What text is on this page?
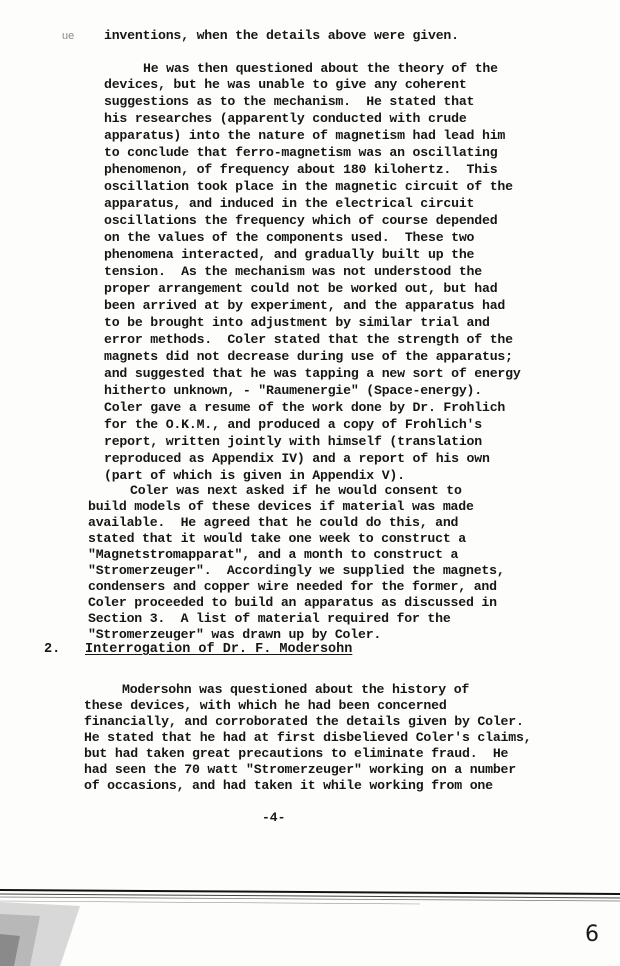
ue inventions, when the details above were given.
He was then questioned about the theory of the
devices, but he was unable to give any coherent
suggestions as to the mechanism.  He stated that
his researches (apparently conducted with crude
apparatus) into the nature of magnetism had lead him
to conclude that ferro-magnetism was an oscillating
phenomenon, of frequency about 180 kilohertz.  This
oscillation took place in the magnetic circuit of the
apparatus, and induced in the electrical circuit
oscillations the frequency which of course depended
on the values of the components used.  These two
phenomena interacted, and gradually built up the
tension.  As the mechanism was not understood the
proper arrangement could not be worked out, but had
been arrived at by experiment, and the apparatus had
to be brought into adjustment by similar trial and
error methods.  Coler stated that the strength of the
magnets did not decrease during use of the apparatus;
and suggested that he was tapping a new sort of energy
hitherto unknown, - "Raumenergie" (Space-energy).
Coler gave a resume of the work done by Dr. Frohlich
for the O.K.M., and produced a copy of Frohlich's
report, written jointly with himself (translation
reproduced as Appendix IV) and a report of his own
(part of which is given in Appendix V).
Coler was next asked if he would consent to
build models of these devices if material was made
available.  He agreed that he could do this, and
stated that it would take one week to construct a
"Magnetstromapparat", and a month to construct a
"Stromerzeuger".  Accordingly we supplied the magnets,
condensers and copper wire needed for the former, and
Coler proceeded to build an apparatus as discussed in
Section 3.  A list of material required for the
"Stromerzeuger" was drawn up by Coler.
2. Interrogation of Dr. F. Modersohn
Modersohn was questioned about the history of
these devices, with which he had been concerned
financially, and corroborated the details given by Coler.
He stated that he had at first disbelieved Coler's claims,
but had taken great precautions to eliminate fraud.  He
had seen the 70 watt "Stromerzeuger" working on a number
of occasions, and had taken it while working from one
-4-
6
